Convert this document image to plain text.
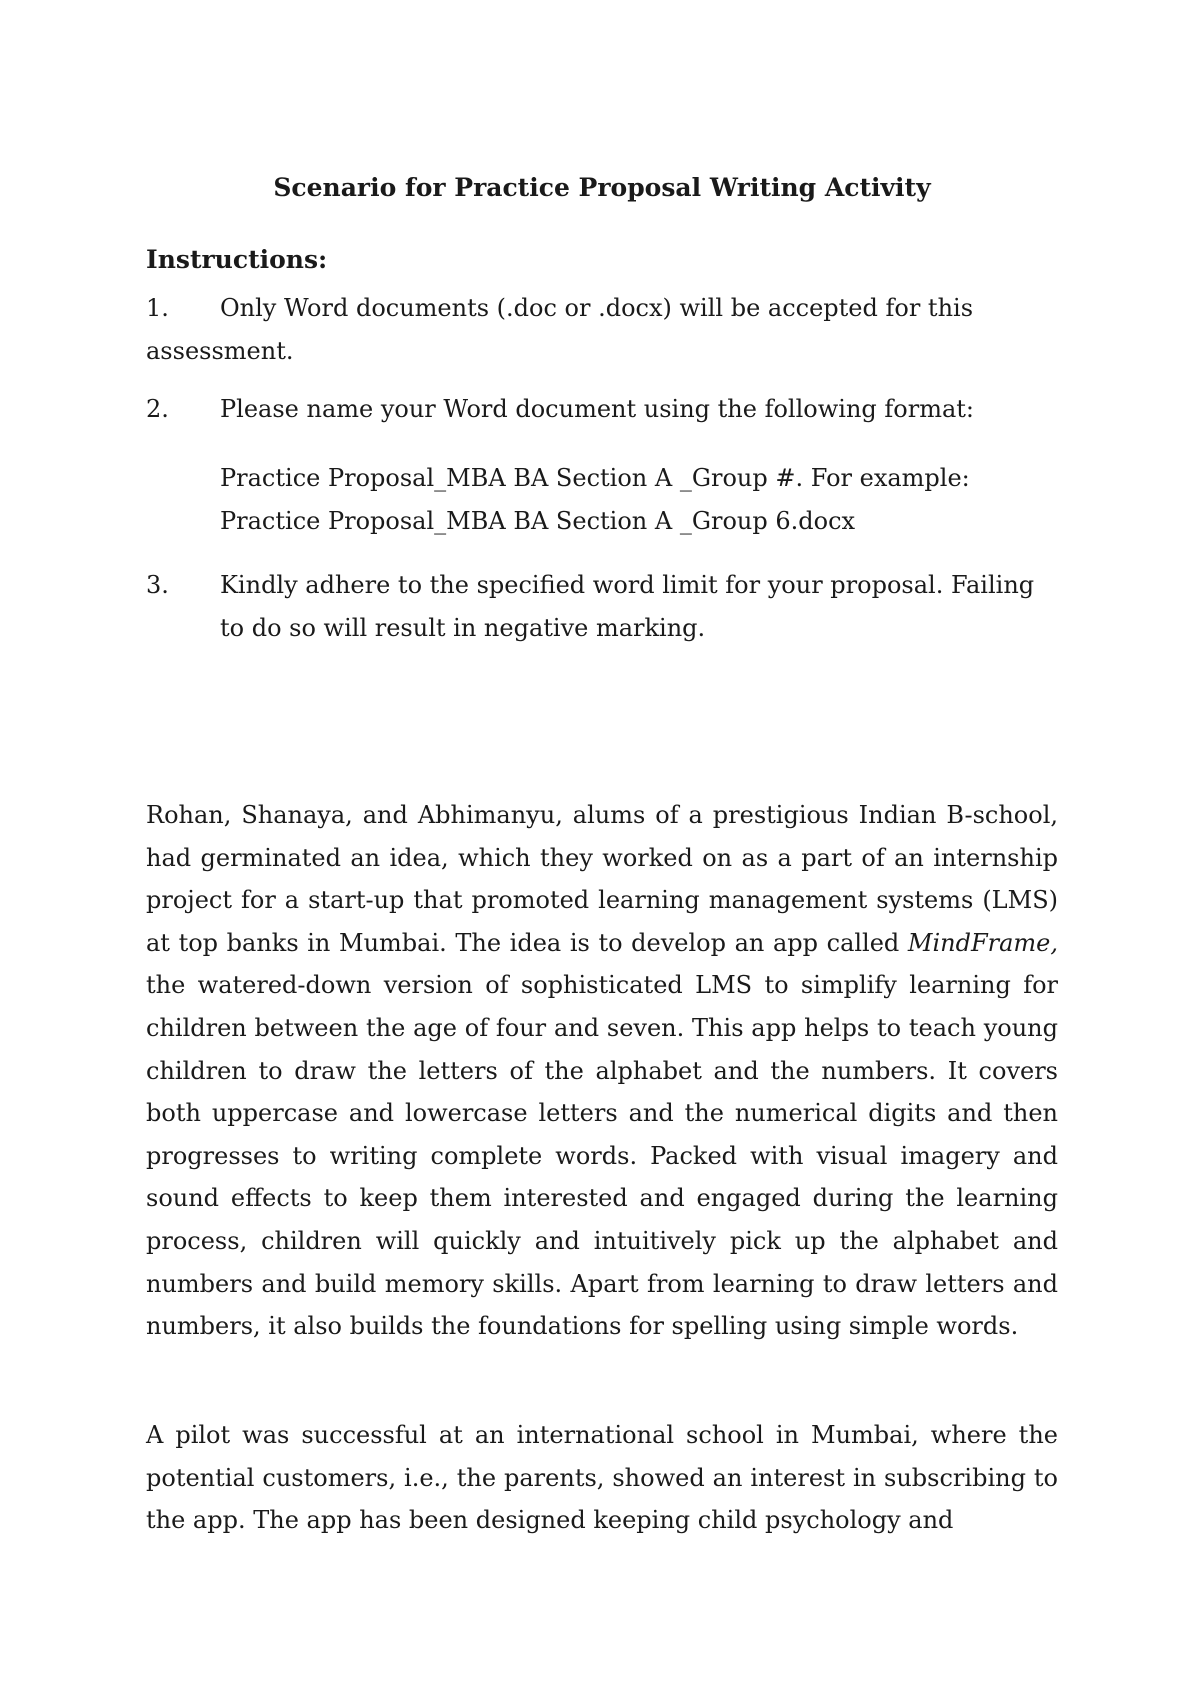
Scenario for Practice Proposal Writing Activity
Instructions:
1.	Only Word documents (.doc or .docx) will be accepted for this assessment.
2.	Please name your Word document using the following format:

Practice Proposal_MBA BA Section A _Group #. For example:

Practice Proposal_MBA BA Section A _Group 6.docx

3.	Kindly adhere to the specified word limit for your proposal. Failing to do so will result in negative marking.

Rohan, Shanaya, and Abhimanyu, alums of a prestigious Indian B-school, had germinated an idea, which they worked on as a part of an internship project for a start-up that promoted learning management systems (LMS) at top banks in Mumbai. The idea is to develop an app called MindFrame, the watered-down version of sophisticated LMS to simplify learning for children between the age of four and seven. This app helps to teach young children to draw the letters of the alphabet and the numbers. It covers both uppercase and lowercase letters and the numerical digits and then progresses to writing complete words. Packed with visual imagery and sound effects to keep them interested and engaged during the learning process, children will quickly and intuitively pick up the alphabet and numbers and build memory skills. Apart from learning to draw letters and numbers, it also builds the foundations for spelling using simple words.

A pilot was successful at an international school in Mumbai, where the potential customers, i.e., the parents, showed an interest in subscribing to the app. The app has been designed keeping child psychology and
